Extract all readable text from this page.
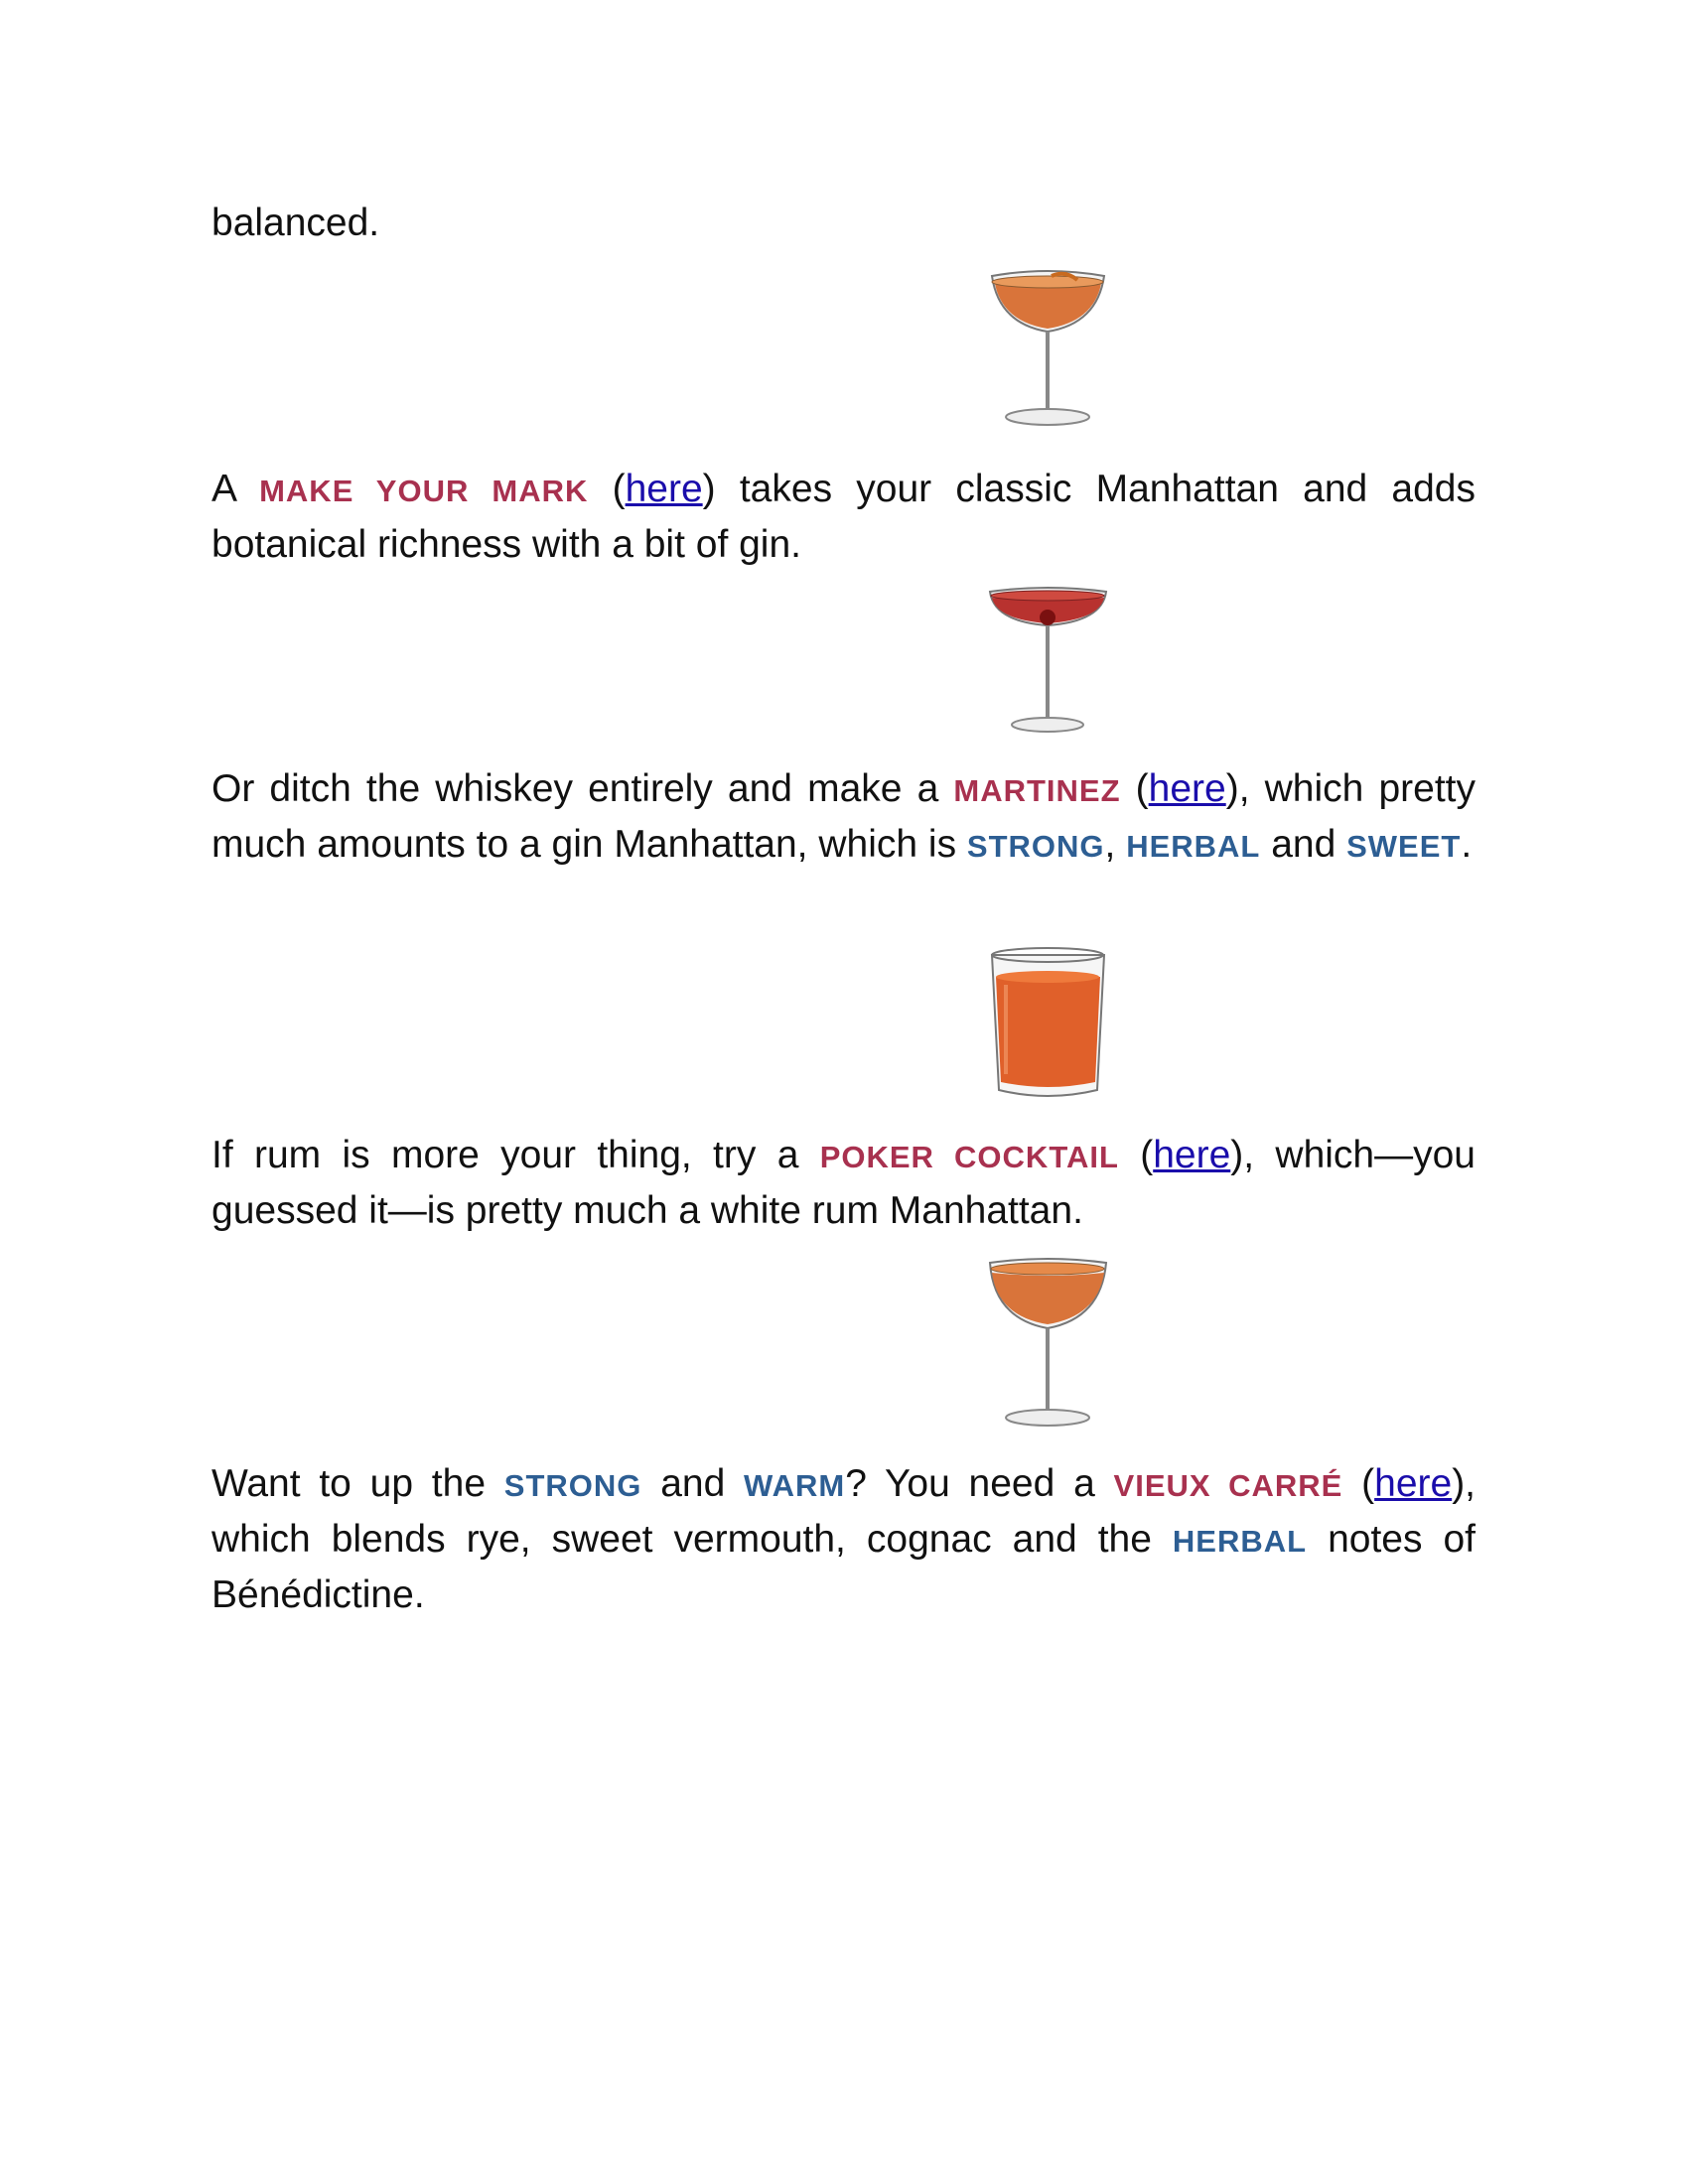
balanced.

A MAKE YOUR MARK (here) takes your classic Manhattan and adds botanical richness with a bit of gin.

Or ditch the whiskey entirely and make a MARTINEZ (here), which pretty much amounts to a gin Manhattan, which is STRONG, HERBAL and SWEET.

If rum is more your thing, try a POKER COCKTAIL (here), which—you guessed it—is pretty much a white rum Manhattan.

Want to up the STRONG and WARM? You need a VIEUX CARRÉ (here), which blends rye, sweet vermouth, cognac and the HERBAL notes of Bénédictine.
